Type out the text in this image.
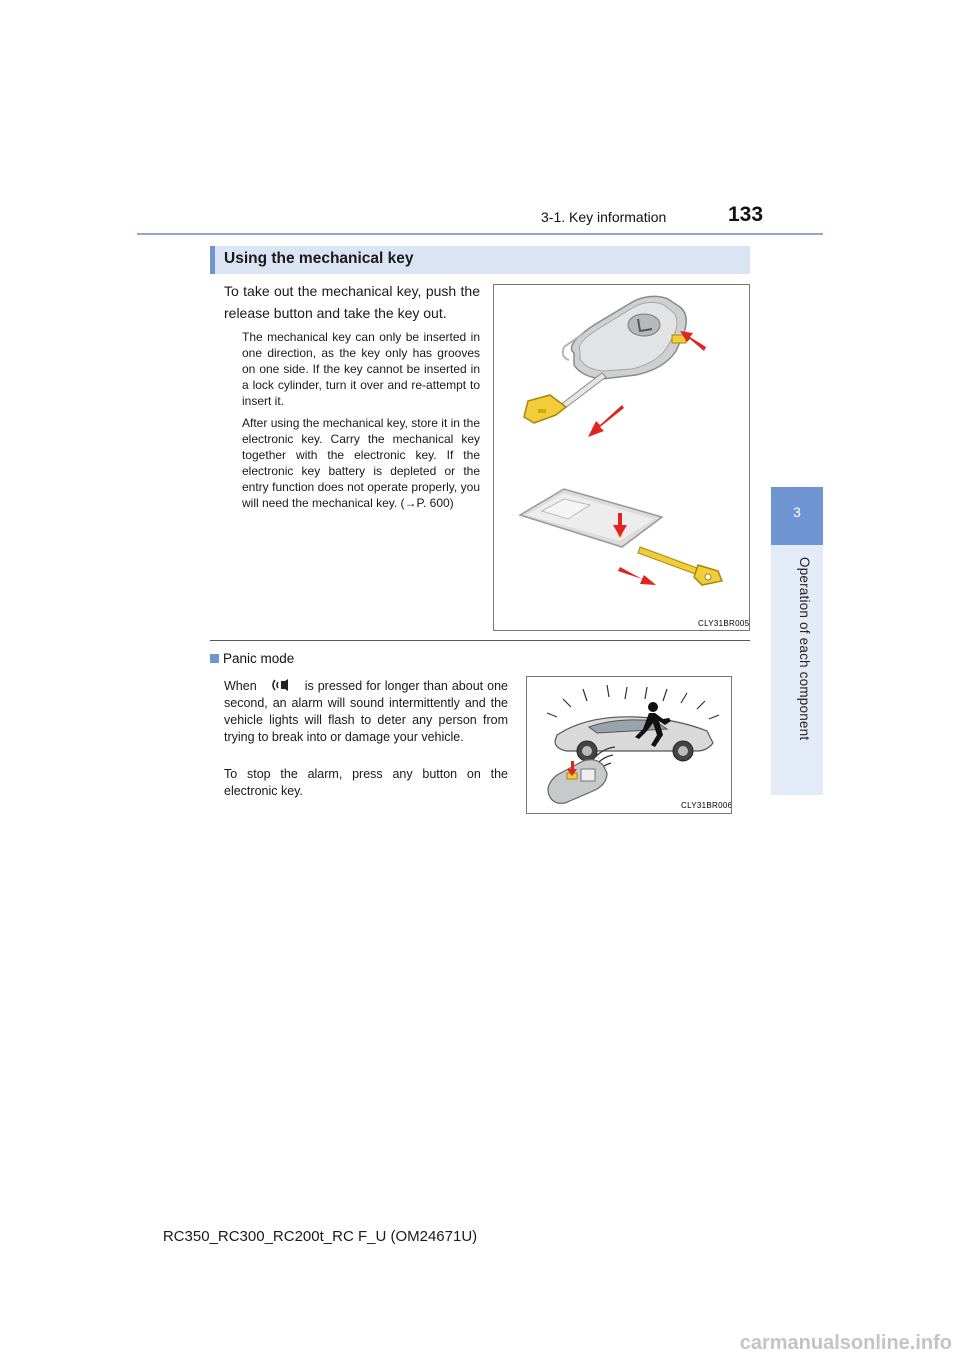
3-1. Key information	133
3
Operation of each component
Using the mechanical key
To take out the mechanical key, push the release button and take the key out.
The mechanical key can only be inserted in one direction, as the key only has grooves on one side. If the key cannot be inserted in a lock cylinder, turn it over and re-attempt to insert it.
After using the mechanical key, store it in the electronic key. Carry the mechanical key together with the electronic key. If the electronic key battery is depleted or the entry function does not operate properly, you will need the mechanical key. (→P. 600)
CLY31BR005
Panic mode
When	is pressed for longer than about one second, an alarm will sound intermittently and the vehicle lights will flash to deter any person from trying to break into or damage your vehicle.
To stop the alarm, press any button on the electronic key.
CLY31BR006
RC350_RC300_RC200t_RC F_U (OM24671U)
carmanualsonline.info
